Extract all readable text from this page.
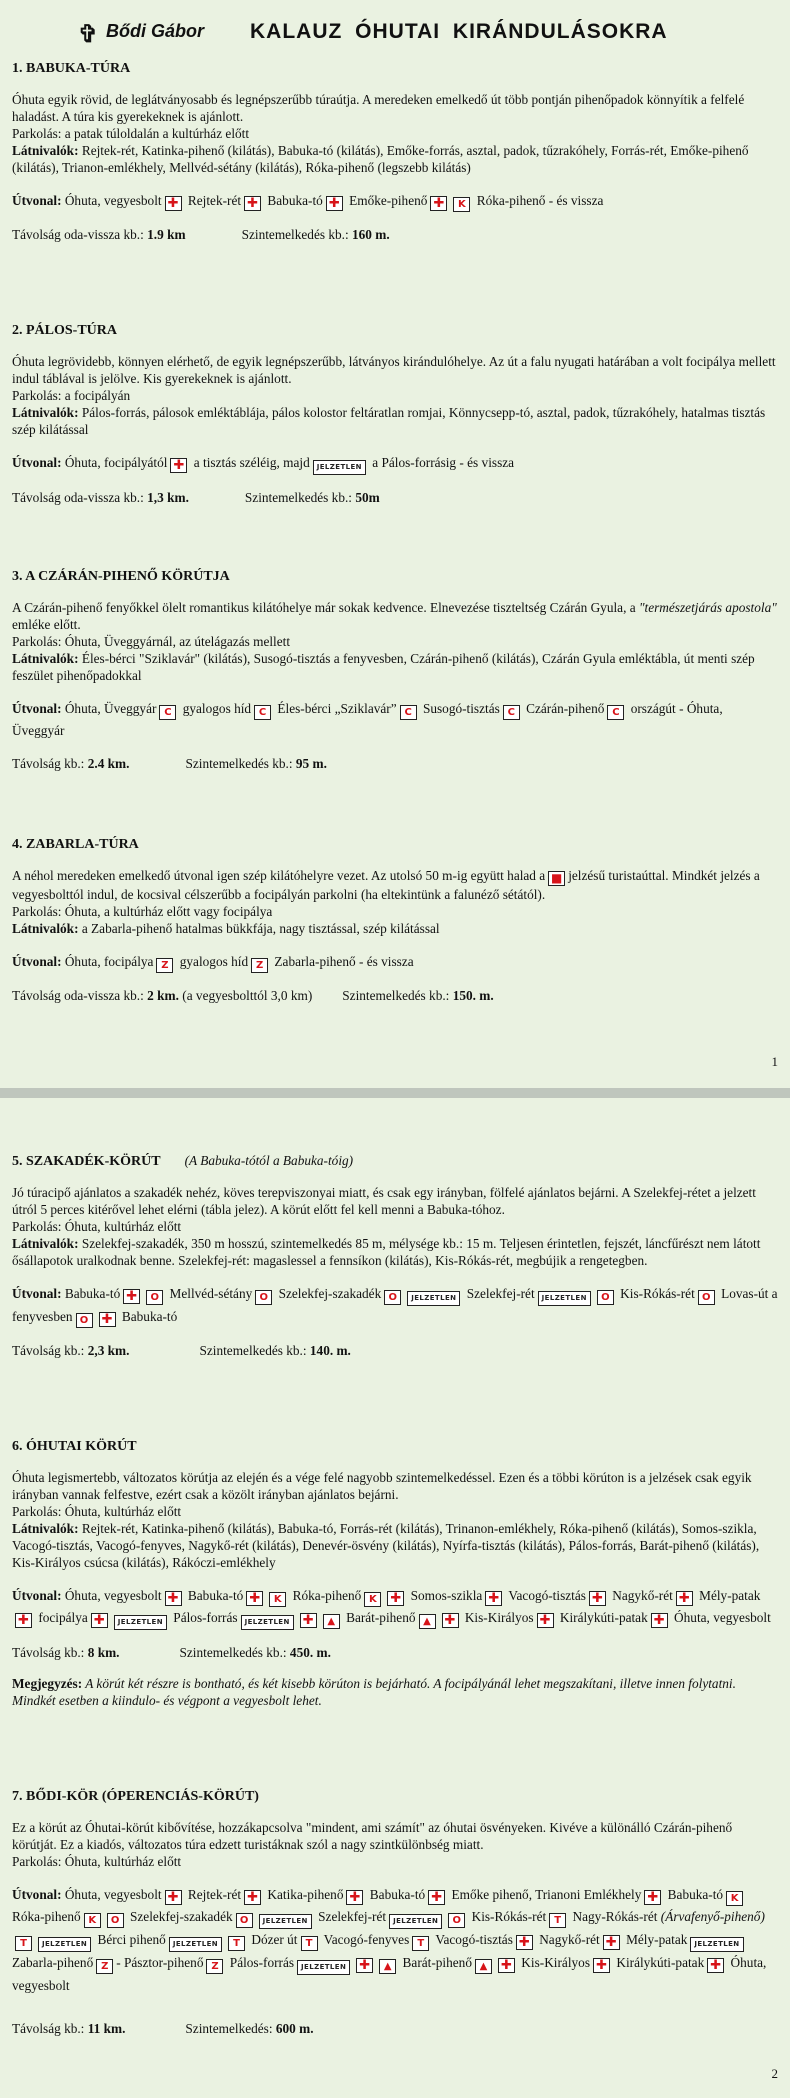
✞ Bődi Gábor KALAUZ ÓHUTAI KIRÁNDULÁSOKRA
1. BABUKA-TÚRA

Óhuta egyik rövid, de leglátványosabb és legnépszerűbb túraútja. A meredeken emelkedő út több pontján pihenőpadok könnyítik a felfelé haladást. A túra kis gyerekeknek is ajánlott.

Parkolás: a patak túloldalán a kultúrház előtt

Látnivalók: Rejtek-rét, Katinka-pihenő (kilátás), Babuka-tó (kilátás), Emőke-forrás, asztal, padok, tűzrakóhely, Forrás-rét, Emőke-pihenő (kilátás), Trianon-emlékhely, Mellvéd-sétány (kilátás), Róka-pihenő (legszebb kilátás)

Útvonal: Óhuta, vegyesbolt ✚ Rejtek-rét ✚ Babuka-tó ✚ Emőke-pihenő ✚ K Róka-pihenő - és vissza
Távolság oda-vissza kb.: 1.9 km	Szintemelkedés kb.: 160 m.
2. PÁLOS-TÚRA

Óhuta legrövidebb, könnyen elérhető, de egyik legnépszerűbb, látványos kirándulóhelye. Az út a falu nyugati határában a volt focipálya mellett indul táblával is jelölve. Kis gyerekeknek is ajánlott.

Parkolás: a focipályán

Látnivalók: Pálos-forrás, pálosok emléktáblája, pálos kolostor feltáratlan romjai, Könnycsepp-tó, asztal, padok, tűzrakóhely, hatalmas tisztás szép kilátással

Útvonal: Óhuta, focipályától ✚ a tisztás széléig, majd JELZETLEN a Pálos-forrásig - és vissza
Távolság oda-vissza kb.: 1,3 km.	Szintemelkedés kb.: 50m
3. A CZÁRÁN-PIHENŐ KÖRÚTJA

A Czárán-pihenő fenyőkkel ölelt romantikus kilátóhelye már sokak kedvence. Elnevezése tiszteltség Czárán Gyula, a "természetjárás apostola" emléke előtt.

Parkolás: Óhuta, Üveggyárnál, az útelágazás mellett

Látnivalók: Éles-bérci "Sziklavár" (kilátás), Susogó-tisztás a fenyvesben, Czárán-pihenő (kilátás), Czárán Gyula emléktábla, út menti szép feszület pihenőpadokkal

Útvonal: Óhuta, Üveggyár C gyalogos híd C Éles-bérci „Sziklavár” C Susogó-tisztás C Czárán-pihenő C országút - Óhuta, Üveggyár
Távolság kb.: 2.4 km.	Szintemelkedés kb.: 95 m.
4. ZABARLA-TÚRA

A néhol meredeken emelkedő útvonal igen szép kilátóhelyre vezet. Az utolsó 50 m-ig együtt halad a ■ jelzésű turistaúttal. Mindkét jelzés a vegyesbolttól indul, de kocsival célszerűbb a focipályán parkolni (ha eltekintünk a falunéző sétától).

Parkolás: Óhuta, a kultúrház előtt vagy focipálya

Látnivalók: a Zabarla-pihenő hatalmas bükkfája, nagy tisztással, szép kilátással

Útvonal: Óhuta, focipálya Z gyalogos híd Z Zabarla-pihenő - és vissza
Távolság oda-vissza kb.: 2 km. (a vegyesbolttól 3,0 km) Szintemelkedés kb.: 150. m.
1
5. SZAKADÉK-KÖRÚT (A Babuka-tótól a Babuka-tóig)

Jó túracipő ajánlatos a szakadék nehéz, köves terepviszonyai miatt, és csak egy irányban, fölfelé ajánlatos bejárni. A Szelekfej-rétet a jelzett útról 5 perces kitérővel lehet elérni (tábla jelez). A körút előtt fel kell menni a Babuka-tóhoz.

Parkolás: Óhuta, kultúrház előtt

Látnivalók: Szelekfej-szakadék, 350 m hosszú, szintemelkedés 85 m, mélysége kb.: 15 m. Teljesen érintetlen, fejszét, láncfűrészt nem látott ősállapotok uralkodnak benne. Szelekfej-rét: magaslessel a fennsíkon (kilátás), Kis-Rókás-rét, megbújik a rengetegben.

Útvonal: Babuka-tó ✚ O Mellvéd-sétány O Szelekfej-szakadék O JELZETLEN Szelekfej-rét JELZETLEN O Kis-Rókás-rét O Lovas-út a fenyvesben O ✚ Babuka-tó
Távolság kb.: 2,3 km.	Szintemelkedés kb.: 140. m.
6. ÓHUTAI KÖRÚT

Óhuta legismertebb, változatos körútja az elején és a vége felé nagyobb szintemelkedéssel. Ezen és a többi körúton is a jelzések csak egyik irányban vannak felfestve, ezért csak a közölt irányban ajánlatos bejárni.

Parkolás: Óhuta, kultúrház előtt

Látnivalók: Rejtek-rét, Katinka-pihenő (kilátás), Babuka-tó, Forrás-rét (kilátás), Trinanon-emlékhely, Róka-pihenő (kilátás), Somos-szikla, Vacogó-tisztás, Vacogó-fenyves, Nagykő-rét (kilátás), Denevér-ösvény (kilátás), Nyírfa-tisztás (kilátás), Pálos-forrás, Barát-pihenő (kilátás), Kis-Királyos csúcsa (kilátás), Rákóczi-emlékhely

Útvonal: Óhuta, vegyesbolt ✚ Babuka-tó ✚ K Róka-pihenő K ✚ Somos-szikla ✚ Vacogó-tisztás ✚ Nagykő-rét ✚ Mély-patak✚ focipálya ✚ JELZETLEN Pálos-forrás JELZETLEN ✚ ▲ Barát-pihenő ▲ ✚ Kis-Királyos ✚ Királykúti-patak ✚ Óhuta, vegyesbolt
Távolság kb.: 8 km.	Szintemelkedés kb.: 450. m.
Megjegyzés: A körút két részre is bontható, és két kisebb körúton is bejárható. A focipályánál lehet megszakítani, illetve innen folytatni. Mindkét esetben a kiindulo- és végpont a vegyesbolt lehet.
7. BŐDI-KÖR (ÓPERENCIÁS-KÖRÚT)

Ez a körút az Óhutai-körút kibővítése, hozzákapcsolva "mindent, ami számít" az óhutai ösvényeken. Kivéve a különálló Czárán-pihenő körútját. Ez a kiadós, változatos túra edzett turistáknak szól a nagy szintkülönbség miatt.

Parkolás: Óhuta, kultúrház előtt

Útvonal: Óhuta, vegyesbolt ✚ Rejtek-rét ✚ Katika-pihenő ✚ Babuka-tó ✚ Emőke pihenő, Trianoni Emlékhely ✚ Babuka-tó K Róka-pihenő K O Szelekfej-szakadék O JELZETLEN Szelekfej-rét JELZETLEN O Kis-Rókás-rét T Nagy-Rókás-rét (Árvafenyő-pihenő)T JELZETLEN Bérci pihenő JELZETLEN T Dózer út T Vacogó-fenyves T Vacogó-tisztás ✚ Nagykő-rét ✚ Mély-patak JELZETLEN Zabarla-pihenő Z - Pásztor-pihenő Z Pálos-forrás JELZETLEN ✚ ▲ Barát-pihenő ▲ ✚ Kis-Királyos ✚ Királykúti-patak ✚ Óhuta, vegyesbolt
Távolság kb.: 11 km.	Szintemelkedés: 600 m.
2
